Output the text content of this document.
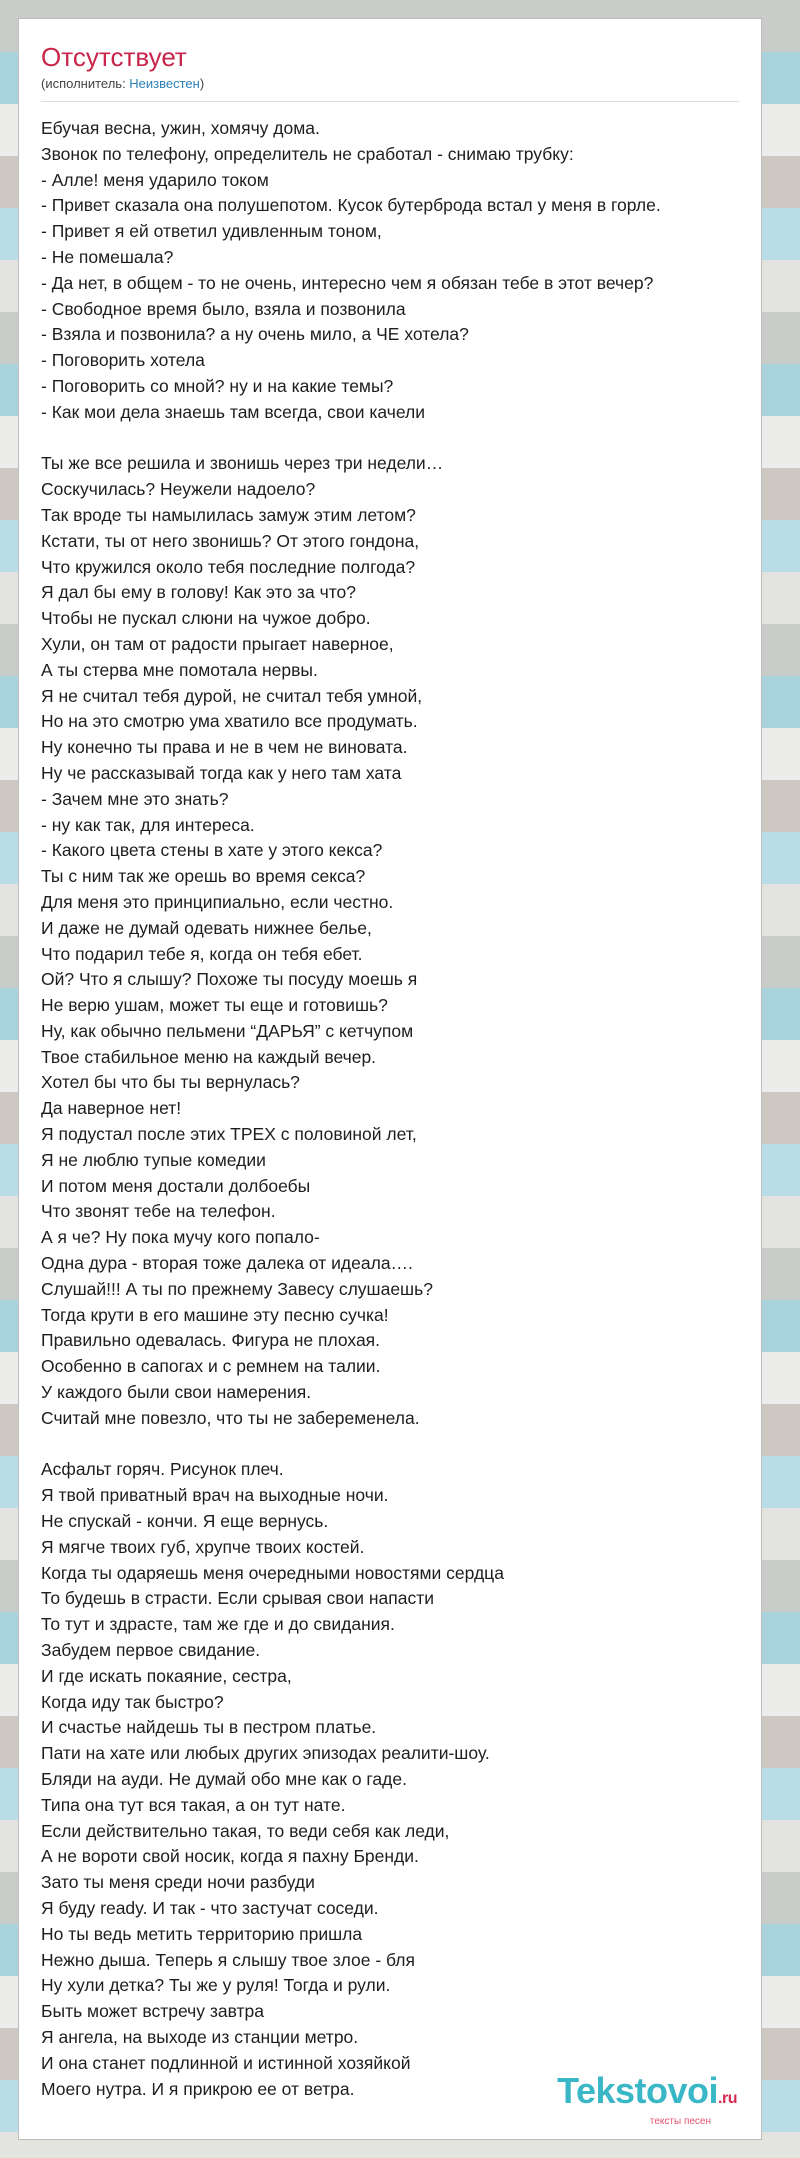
Отсутствует
(исполнитель: Неизвестен)
Ебучая весна, ужин, хомячу дома.
Звонок по телефону, определитель не сработал - снимаю трубку:
- Алле! меня ударило током
- Привет сказала она полушепотом. Кусок бутерброда встал у меня в горле.
- Привет я ей ответил удивленным тоном,
- Не помешала?
- Да нет, в общем - то не очень, интересно чем я обязан тебе в этот вечер?
- Свободное время было, взяла и позвонила
- Взяла и позвонила? а ну очень мило, а ЧЕ хотела?
- Поговорить хотела
- Поговорить со мной? ну и на какие темы?
- Как мои дела знаешь там всегда, свои качели
Ты же все решила и звонишь через три недели…
Соскучилась? Неужели надоело?
Так вроде ты намылилась замуж этим летом?
Кстати, ты от него звонишь? От этого гондона,
Что кружился около тебя последние полгода?
Я дал бы ему в голову! Как это за что?
Чтобы не пускал слюни на чужое добро.
Хули, он там от радости прыгает наверное,
А ты стерва мне помотала нервы.
Я не считал тебя дурой, не считал тебя умной,
Но на это смотрю ума хватило все продумать.
Ну конечно ты права и не в чем не виновата.
Ну че рассказывай тогда как у него там хата
- Зачем мне это знать?
- ну как так, для интереса.
- Какого цвета стены в хате у этого кекса?
Ты с ним так же орешь во время секса?
Для меня это принципиально, если честно.
И даже не думай одевать нижнее белье,
Что подарил тебе я, когда он тебя ебет.
Ой? Что я слышу? Похоже ты посуду моешь я
Не верю ушам, может ты еще и готовишь?
Ну, как обычно пельмени “ДАРЬЯ” с кетчупом
Твое стабильное меню на каждый вечер.
Хотел бы что бы ты вернулась?
Да наверное нет!
Я подустал после этих ТРЕХ с половиной лет,
Я не люблю тупые комедии
И потом меня достали долбоебы
Что звонят тебе на телефон.
А я че? Ну пока мучу кого попало-
Одна дура - вторая тоже далека от идеала….
Слушай!!! А ты по прежнему Завесу слушаешь?
Тогда крути в его машине эту песню сучка!
Правильно одевалась. Фигура не плохая.
Особенно в сапогах и с ремнем на талии.
У каждого были свои намерения.
Считай мне повезло, что ты не забеременела.
Асфальт горяч. Рисунок плеч.
Я твой приватный врач на выходные ночи.
Не спускай - кончи. Я еще вернусь.
Я мягче твоих губ, хрупче твоих костей.
Когда ты одаряешь меня очередными новостями сердца
То будешь в страсти. Если срывая свои напасти
То тут и здрасте, там же где и до свидания.
Забудем первое свидание.
И где искать покаяние, сестра,
Когда иду так быстро?
И счастье найдешь ты в пестром платье.
Пати на хате или любых других эпизодах реалити-шоу.
Бляди на ауди. Не думай обо мне как о гаде.
Типа она тут вся такая, а он тут нате.
Если действительно такая, то веди себя как леди,
А не вороти свой носик, когда я пахну Бренди.
Зато ты меня среди ночи разбуди
Я буду ready. И так - что застучат соседи.
Но ты ведь метить территорию пришла
Нежно дыша. Теперь я слышу твое злое - бля
Ну хули детка? Ты же у руля! Тогда и рули.
Быть может встречу завтра
Я ангела, на выходе из станции метро.
И она станет подлинной и истинной хозяйкой
Моего нутра. И я прикрою ее от ветра.	Tekstovoi.ru
тексты песен
